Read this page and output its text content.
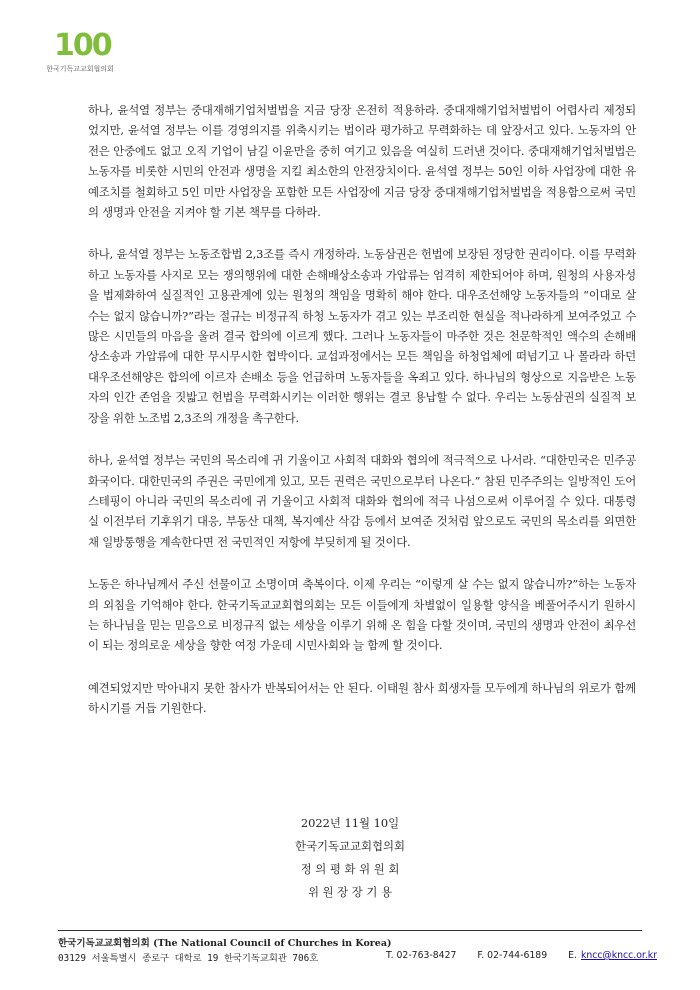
100
한국기독교교회협의회

하나, 윤석열 정부는 중대재해기업처벌법을 지금 당장 온전히 적용하라. 중대재해기업처벌법이 어렵사리 제정되었지만, 윤석열 정부는 이를 경영의지를 위축시키는 법이라 평가하고 무력화하는 데 앞장서고 있다. 노동자의 안전은 안중에도 없고 오직 기업이 남길 이윤만을 중히 여기고 있음을 여실히 드러낸 것이다. 중대재해기업처벌법은 노동자를 비롯한 시민의 안전과 생명을 지킬 최소한의 안전장치이다. 윤석열 정부는 50인 이하 사업장에 대한 유예조치를 철회하고 5인 미만 사업장을 포함한 모든 사업장에 지금 당장 중대재해기업처벌법을 적용함으로써 국민의 생명과 안전을 지켜야 할 기본 책무를 다하라.

하나, 윤석열 정부는 노동조합법 2,3조를 즉시 개정하라. 노동삼권은 헌법에 보장된 정당한 권리이다. 이를 무력화하고 노동자를 사지로 모는 쟁의행위에 대한 손해배상소송과 가압류는 엄격히 제한되어야 하며, 원청의 사용자성을 법제화하여 실질적인 고용관계에 있는 원청의 책임을 명확히 해야 한다. 대우조선해양 노동자들의 “이대로 살 수는 없지 않습니까?”라는 절규는 비정규직 하청 노동자가 겪고 있는 부조리한 현실을 적나라하게 보여주었고 수많은 시민들의 마음을 울려 결국 합의에 이르게 했다. 그러나 노동자들이 마주한 것은 천문학적인 액수의 손해배상소송과 가압류에 대한 무시무시한 협박이다. 교섭과정에서는 모든 책임을 하청업체에 떠넘기고 나 몰라라 하던 대우조선해양은 합의에 이르자 손배소 등을 언급하며 노동자들을 옥죄고 있다. 하나님의 형상으로 지음받은 노동자의 인간 존엄을 짓밟고 헌법을 무력화시키는 이러한 행위는 결코 용납할 수 없다. 우리는 노동삼권의 실질적 보장을 위한 노조법 2,3조의 개정을 촉구한다.

하나, 윤석열 정부는 국민의 목소리에 귀 기울이고 사회적 대화와 협의에 적극적으로 나서라. “대한민국은 민주공화국이다. 대한민국의 주권은 국민에게 있고, 모든 권력은 국민으로부터 나온다.” 참된 민주주의는 일방적인 도어 스테핑이 아니라 국민의 목소리에 귀 기울이고 사회적 대화와 협의에 적극 나섬으로써 이루어질 수 있다. 대통령실 이전부터 기후위기 대응, 부동산 대책, 복지예산 삭감 등에서 보여준 것처럼 앞으로도 국민의 목소리를 외면한 채 일방통행을 계속한다면 전 국민적인 저항에 부딪히게 될 것이다.

노동은 하나님께서 주신 선물이고 소명이며 축복이다. 이제 우리는 “이렇게 살 수는 없지 않습니까?”하는 노동자의 외침을 기억해야 한다. 한국기독교교회협의회는 모든 이들에게 차별없이 일용할 양식을 베풀어주시기 원하시는 하나님을 믿는 믿음으로 비정규직 없는 세상을 이루기 위해 온 힘을 다할 것이며, 국민의 생명과 안전이 최우선이 되는 정의로운 세상을 향한 여정 가운데 시민사회와 늘 함께 할 것이다.

예견되었지만 막아내지 못한 참사가 반복되어서는 안 된다. 이태원 참사 희생자들 모두에게 하나님의 위로가 함께 하시기를 거듭 기원한다.

2022년 11월 10일
한국기독교교회협의회
정 의 평 화 위 원 회
위 원 장 장 기 용
한국기독교교회협의회 (The National Council of Churches in Korea)
03129 서울특별시 종로구 대학로 19 한국기독교회관 706호	T. 02-763-8427 F. 02-744-6189 E. kncc@kncc.or.kr
